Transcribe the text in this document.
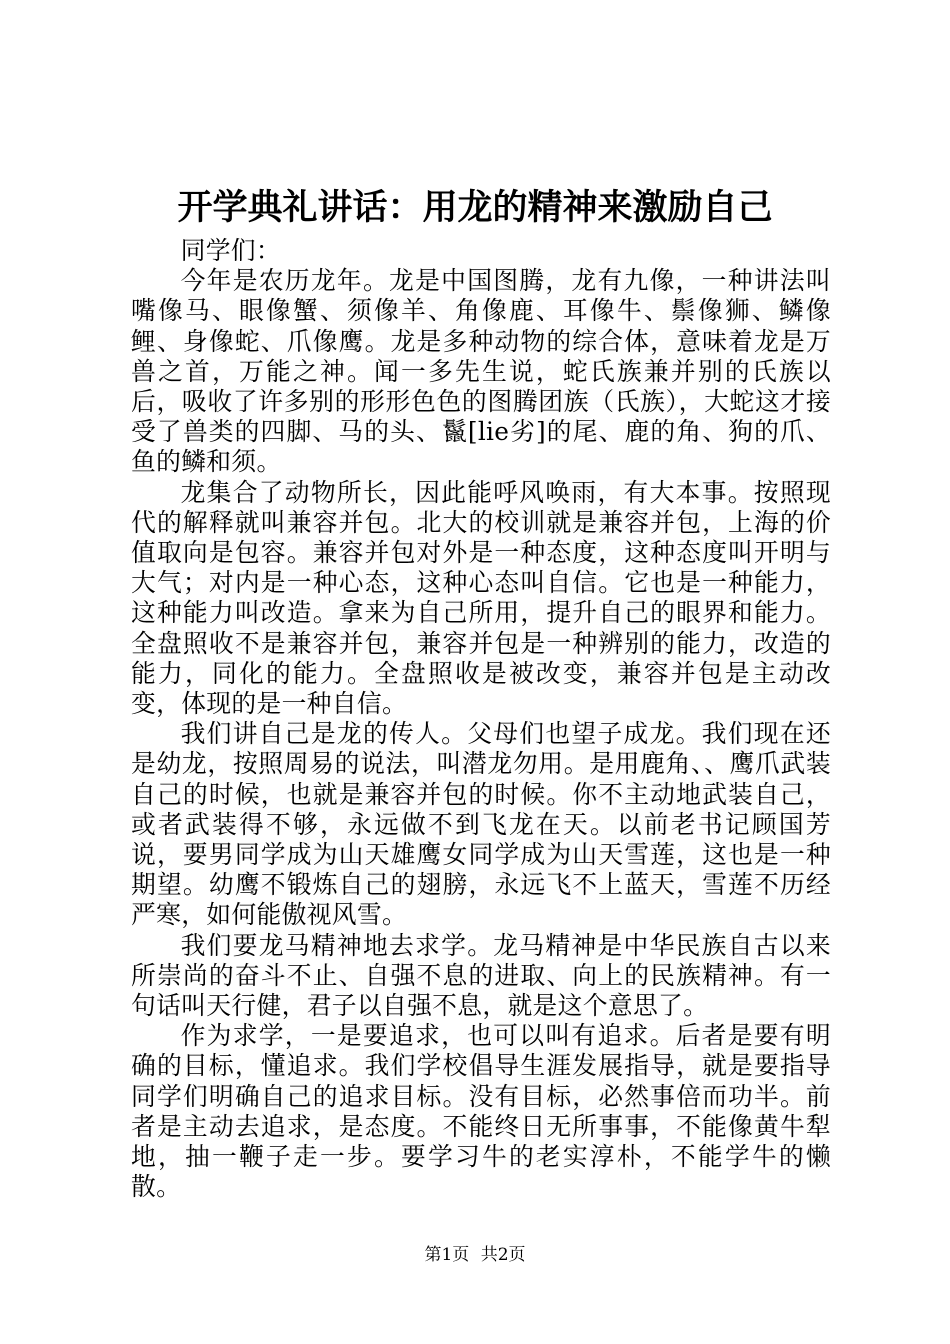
开学典礼讲话：用龙的精神来激励自己

同学们：

今年是农历龙年。龙是中国图腾，龙有九像，一种讲法叫嘴像马、眼像蟹、须像羊、角像鹿、耳像牛、鬃像狮、鳞像鲤、身像蛇、爪像鹰。龙是多种动物的综合体，意味着龙是万兽之首，万能之神。闻一多先生说，蛇氏族兼并别的氏族以后，吸收了许多别的形形色色的图腾团族（氏族），大蛇这才接受了兽类的四脚、马的头、鬣[lie劣]的尾、鹿的角、狗的爪、鱼的鳞和须。

龙集合了动物所长，因此能呼风唤雨，有大本事。按照现代的解释就叫兼容并包。北大的校训就是兼容并包，上海的价值取向是包容。兼容并包对外是一种态度，这种态度叫开明与大气；对内是一种心态，这种心态叫自信。它也是一种能力，这种能力叫改造。拿来为自己所用，提升自己的眼界和能力。全盘照收不是兼容并包，兼容并包是一种辨别的能力，改造的能力，同化的能力。全盘照收是被改变，兼容并包是主动改变，体现的是一种自信。

我们讲自己是龙的传人。父母们也望子成龙。我们现在还是幼龙，按照周易的说法，叫潜龙勿用。是用鹿角、、鹰爪武装自己的时候，也就是兼容并包的时候。你不主动地武装自己，或者武装得不够，永远做不到飞龙在天。以前老书记顾国芳说，要男同学成为山天雄鹰女同学成为山天雪莲，这也是一种期望。幼鹰不锻炼自己的翅膀，永远飞不上蓝天，雪莲不历经严寒，如何能傲视风雪。

我们要龙马精神地去求学。龙马精神是中华民族自古以来所崇尚的奋斗不止、自强不息的进取、向上的民族精神。有一句话叫天行健，君子以自强不息，就是这个意思了。

作为求学，一是要追求，也可以叫有追求。后者是要有明确的目标，懂追求。我们学校倡导生涯发展指导，就是要指导同学们明确自己的追求目标。没有目标，必然事倍而功半。前者是主动去追求，是态度。不能终日无所事事，不能像黄牛犁地，抽一鞭子走一步。要学习牛的老实淳朴，不能学牛的懒散。

第1页 共2页
